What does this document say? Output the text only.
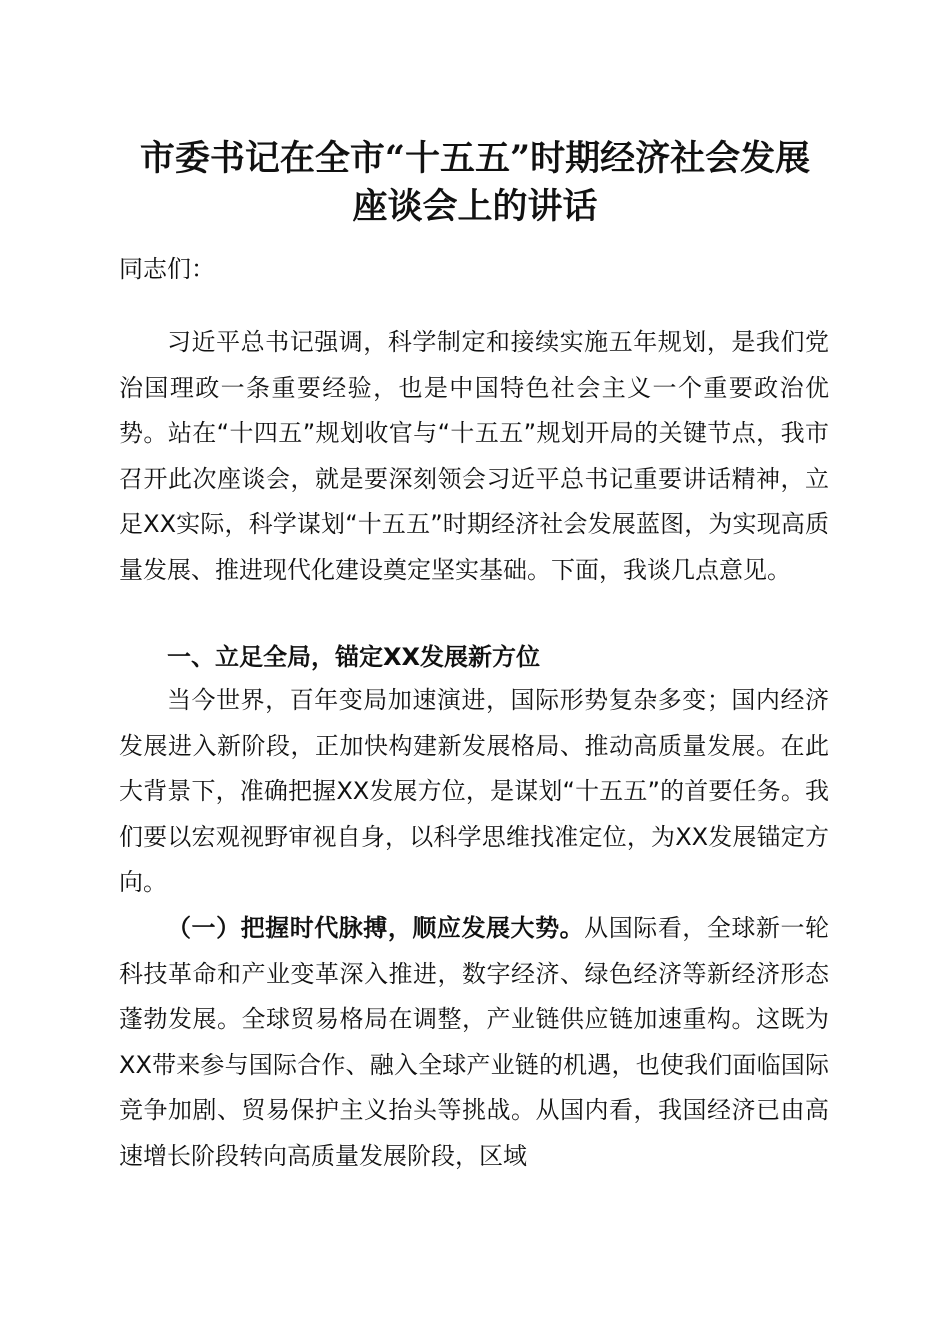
市委书记在全市“十五五”时期经济社会发展
座谈会上的讲话

同志们：

习近平总书记强调，科学制定和接续实施五年规划，是我们党治国理政一条重要经验，也是中国特色社会主义一个重要政治优势。站在“十四五”规划收官与“十五五”规划开局的关键节点，我市召开此次座谈会，就是要深刻领会习近平总书记重要讲话精神，立足XX实际，科学谋划“十五五”时期经济社会发展蓝图，为实现高质量发展、推进现代化建设奠定坚实基础。下面，我谈几点意见。

一、立足全局，锚定XX发展新方位

当今世界，百年变局加速演进，国际形势复杂多变；国内经济发展进入新阶段，正加快构建新发展格局、推动高质量发展。在此大背景下，准确把握XX发展方位，是谋划“十五五”的首要任务。我们要以宏观视野审视自身，以科学思维找准定位，为XX发展锚定方向。

（一）把握时代脉搏，顺应发展大势。从国际看，全球新一轮科技革命和产业变革深入推进，数字经济、绿色经济等新经济形态蓬勃发展。全球贸易格局在调整，产业链供应链加速重构。这既为XX带来参与国际合作、融入全球产业链的机遇，也使我们面临国际竞争加剧、贸易保护主义抬头等挑战。从国内看，我国经济已由高速增长阶段转向高质量发展阶段，区域
